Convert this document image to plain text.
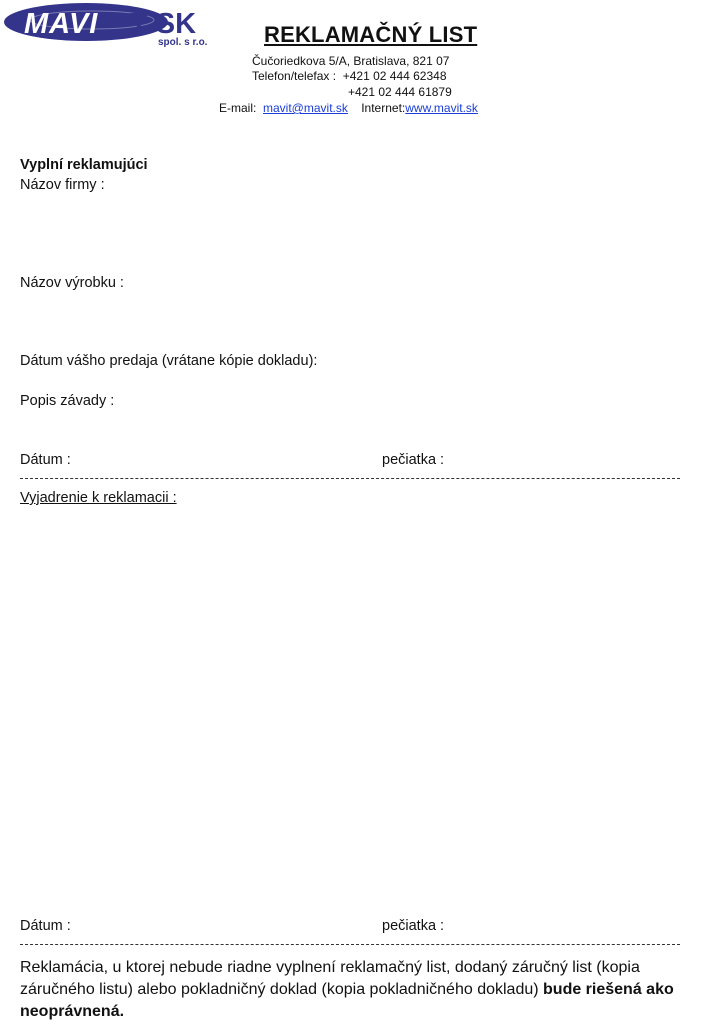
MAVI T SK
spol. s r.o.	REKLAMAČNÝ LIST
Čučoriedkova 5/A, Bratislava, 821 07
Telefon/telefax : +421 02 444 62348
+421 02 444 61879
E-mail: mavit@mavit.sk Internet:www.mavit.sk
Vyplní reklamujúci
Názov firmy :
Názov výrobku :
Dátum vášho predaja (vrátane kópie dokladu):
Popis závady :
Dátum :	pečiatka :
Vyjadrenie k reklamacii :
Dátum :	pečiatka :
Reklamácia, u ktorej nebude riadne vyplnení reklamačný list, dodaný záručný list (kopia záručného listu) alebo pokladničný doklad (kopia pokladničného dokladu) bude riešená ako neoprávnená.
